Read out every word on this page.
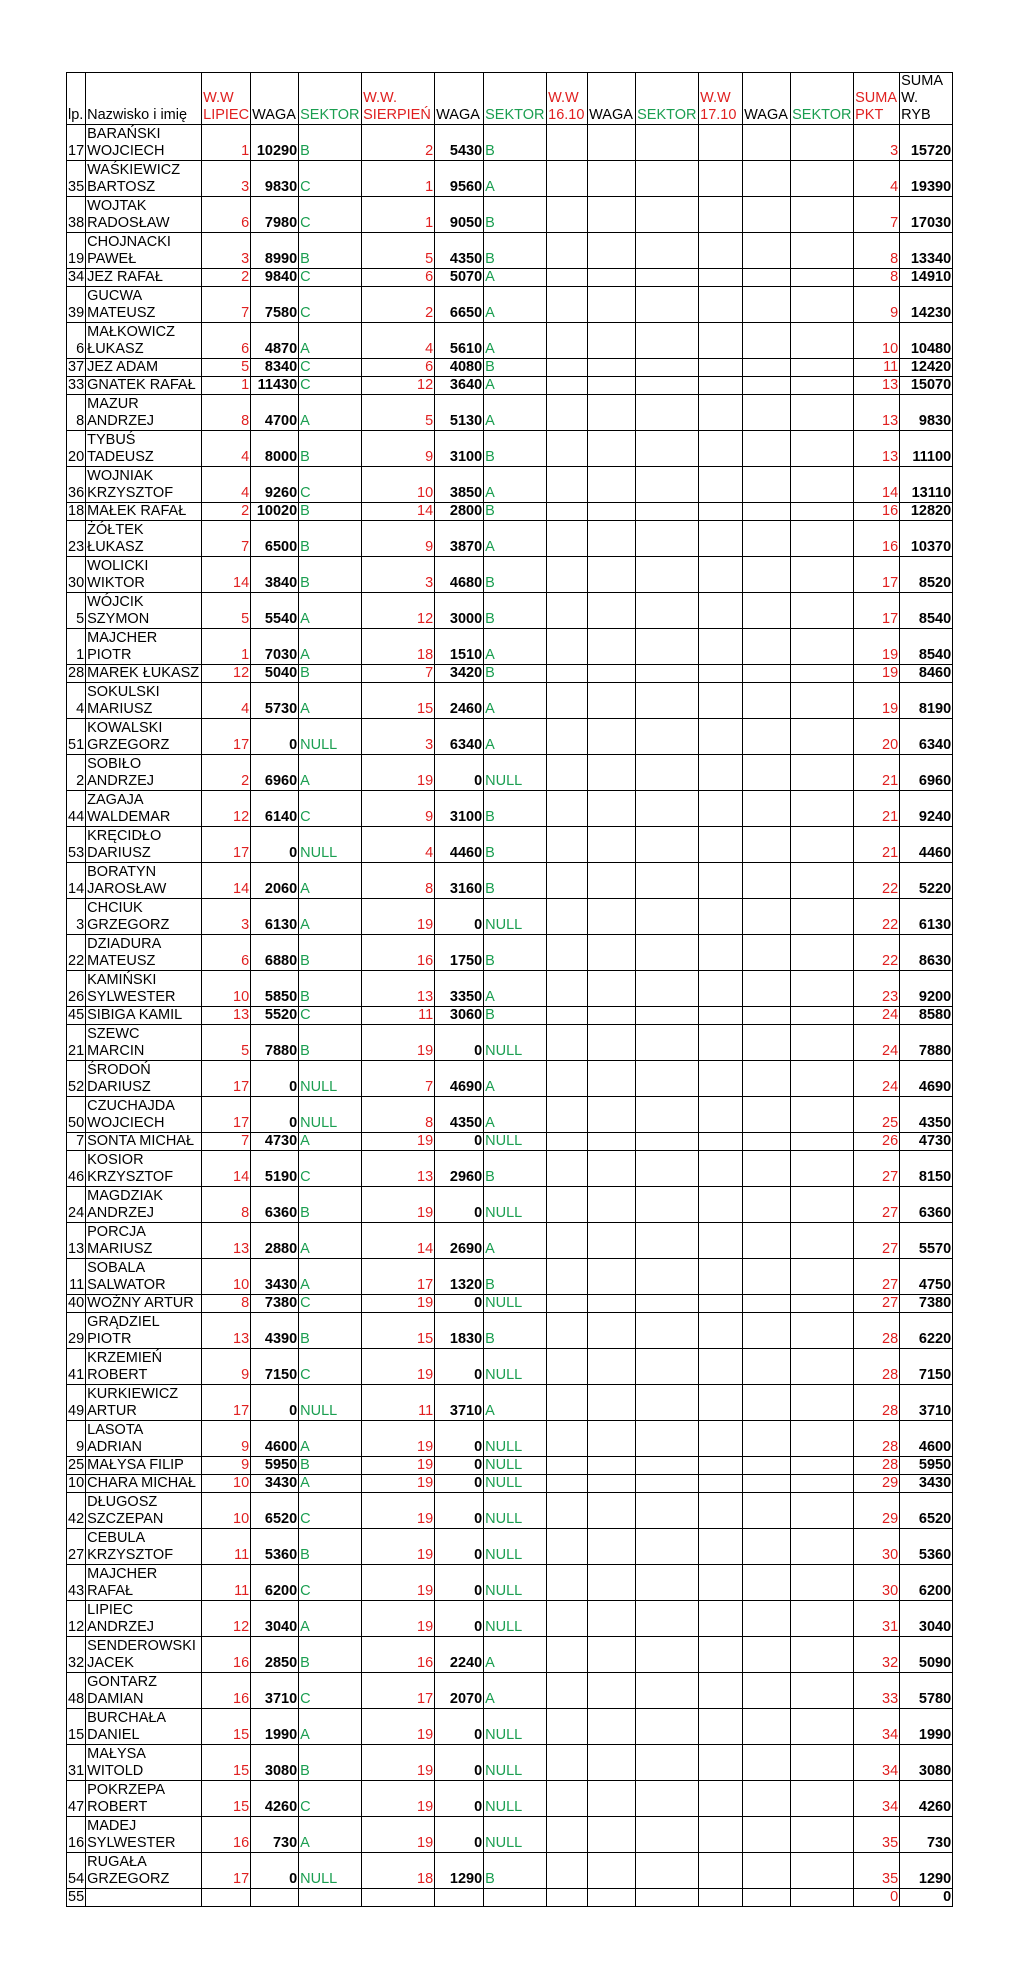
lp.	Nazwisko i imię	W.W LIPIEC	WAGA	SEKTOR	W.W. SIERPIEŃ	WAGA	SEKTOR	W.W 16.10	WAGA	SEKTOR	W.W 17.10	WAGA	SEKTOR	SUMA PKT	SUMA W. RYB
17	BARAŃSKI WOJCIECH	1	10290	B	2	5430	B							3	15720
35	WAŚKIEWICZ BARTOSZ	3	9830	C	1	9560	A							4	19390
38	WOJTAK RADOSŁAW	6	7980	C	1	9050	B							7	17030
19	CHOJNACKI PAWEŁ	3	8990	B	5	4350	B							8	13340
34	JEZ RAFAŁ	2	9840	C	6	5070	A							8	14910
39	GUCWA MATEUSZ	7	7580	C	2	6650	A							9	14230
6	MAŁKOWICZ ŁUKASZ	6	4870	A	4	5610	A							10	10480
37	JEZ ADAM	5	8340	C	6	4080	B							11	12420
33	GNATEK RAFAŁ	1	11430	C	12	3640	A							13	15070
8	MAZUR ANDRZEJ	8	4700	A	5	5130	A							13	9830
20	TYBUŚ TADEUSZ	4	8000	B	9	3100	B							13	11100
36	WOJNIAK KRZYSZTOF	4	9260	C	10	3850	A							14	13110
18	MAŁEK RAFAŁ	2	10020	B	14	2800	B							16	12820
23	ŻÓŁTEK ŁUKASZ	7	6500	B	9	3870	A							16	10370
30	WOLICKI WIKTOR	14	3840	B	3	4680	B							17	8520
5	WÓJCIK SZYMON	5	5540	A	12	3000	B							17	8540
1	MAJCHER PIOTR	1	7030	A	18	1510	A							19	8540
28	MAREK ŁUKASZ	12	5040	B	7	3420	B							19	8460
4	SOKULSKI MARIUSZ	4	5730	A	15	2460	A							19	8190
51	KOWALSKI GRZEGORZ	17	0	NULL	3	6340	A							20	6340
2	SOBIŁO ANDRZEJ	2	6960	A	19	0	NULL							21	6960
44	ZAGAJA WALDEMAR	12	6140	C	9	3100	B							21	9240
53	KRĘCIDŁO DARIUSZ	17	0	NULL	4	4460	B							21	4460
14	BORATYN JAROSŁAW	14	2060	A	8	3160	B							22	5220
3	CHCIUK GRZEGORZ	3	6130	A	19	0	NULL							22	6130
22	DZIADURA MATEUSZ	6	6880	B	16	1750	B							22	8630
26	KAMIŃSKI SYLWESTER	10	5850	B	13	3350	A							23	9200
45	SIBIGA KAMIL	13	5520	C	11	3060	B							24	8580
21	SZEWC MARCIN	5	7880	B	19	0	NULL							24	7880
52	ŚRODOŃ DARIUSZ	17	0	NULL	7	4690	A							24	4690
50	CZUCHAJDA WOJCIECH	17	0	NULL	8	4350	A							25	4350
7	SONTA MICHAŁ	7	4730	A	19	0	NULL							26	4730
46	KOSIOR KRZYSZTOF	14	5190	C	13	2960	B							27	8150
24	MAGDZIAK ANDRZEJ	8	6360	B	19	0	NULL							27	6360
13	PORCJA MARIUSZ	13	2880	A	14	2690	A							27	5570
11	SOBALA SALWATOR	10	3430	A	17	1320	B							27	4750
40	WOŹNY ARTUR	8	7380	C	19	0	NULL							27	7380
29	GRĄDZIEL PIOTR	13	4390	B	15	1830	B							28	6220
41	KRZEMIEŃ ROBERT	9	7150	C	19	0	NULL							28	7150
49	KURKIEWICZ ARTUR	17	0	NULL	11	3710	A							28	3710
9	LASOTA ADRIAN	9	4600	A	19	0	NULL							28	4600
25	MAŁYSA FILIP	9	5950	B	19	0	NULL							28	5950
10	CHARA MICHAŁ	10	3430	A	19	0	NULL							29	3430
42	DŁUGOSZ SZCZEPAN	10	6520	C	19	0	NULL							29	6520
27	CEBULA KRZYSZTOF	11	5360	B	19	0	NULL							30	5360
43	MAJCHER RAFAŁ	11	6200	C	19	0	NULL							30	6200
12	LIPIEC ANDRZEJ	12	3040	A	19	0	NULL							31	3040
32	SENDEROWSKI JACEK	16	2850	B	16	2240	A							32	5090
48	GONTARZ DAMIAN	16	3710	C	17	2070	A							33	5780
15	BURCHAŁA DANIEL	15	1990	A	19	0	NULL							34	1990
31	MAŁYSA WITOLD	15	3080	B	19	0	NULL							34	3080
47	POKRZEPA ROBERT	15	4260	C	19	0	NULL							34	4260
16	MADEJ SYLWESTER	16	730	A	19	0	NULL							35	730
54	RUGAŁA GRZEGORZ	17	0	NULL	18	1290	B							35	1290
55														0	0
